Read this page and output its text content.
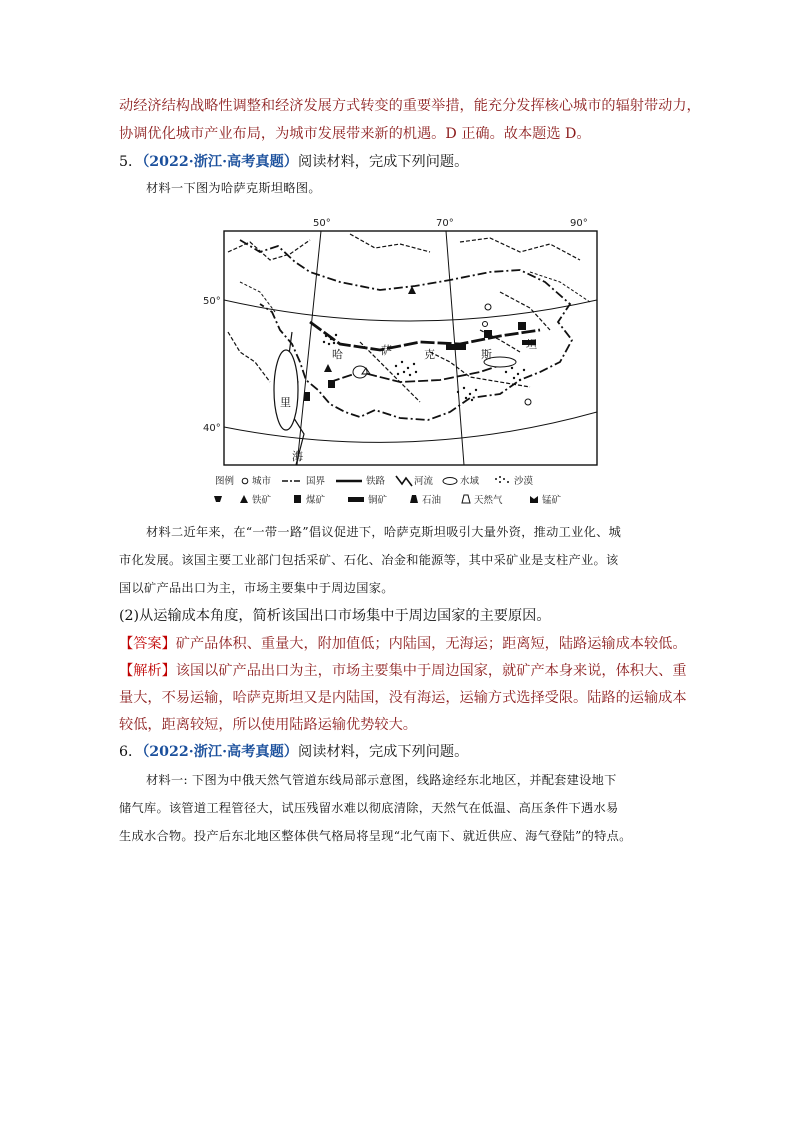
动经济结构战略性调整和经济发展方式转变的重要举措，能充分发挥核心城市的辐射带动力，
协调优化城市产业布局，为城市发展带来新的机遇。D 正确。故本题选 D。
5．（2022·浙江·高考真题）阅读材料，完成下列问题。
材料一下图为哈萨克斯坦略图。
50°	70°	90°
50°
40°
哈	萨	克	斯
坦
里
海
图例 城市	国界	铁路	河流	水域	沙漠
铁矿	煤矿	铜矿	石油	天然气	锰矿
材料二近年来，在“一带一路”倡议促进下，哈萨克斯坦吸引大量外资，推动工业化、城
市化发展。该国主要工业部门包括采矿、石化、冶金和能源等，其中采矿业是支柱产业。该
国以矿产品出口为主，市场主要集中于周边国家。
(2)从运输成本角度，简析该国出口市场集中于周边国家的主要原因。
【答案】矿产品体积、重量大，附加值低；内陆国，无海运；距离短，陆路运输成本较低。
【解析】该国以矿产品出口为主，市场主要集中于周边国家，就矿产本身来说，体积大、重
量大，不易运输，哈萨克斯坦又是内陆国，没有海运，运输方式选择受限。陆路的运输成本
较低，距离较短，所以使用陆路运输优势较大。
6．（2022·浙江·高考真题）阅读材料，完成下列问题。
材料一: 下图为中俄天然气管道东线局部示意图，线路途经东北地区，并配套建设地下
储气库。该管道工程管径大，试压残留水难以彻底清除，天然气在低温、高压条件下遇水易
生成水合物。投产后东北地区整体供气格局将呈现“北气南下、就近供应、海气登陆”的特点。
